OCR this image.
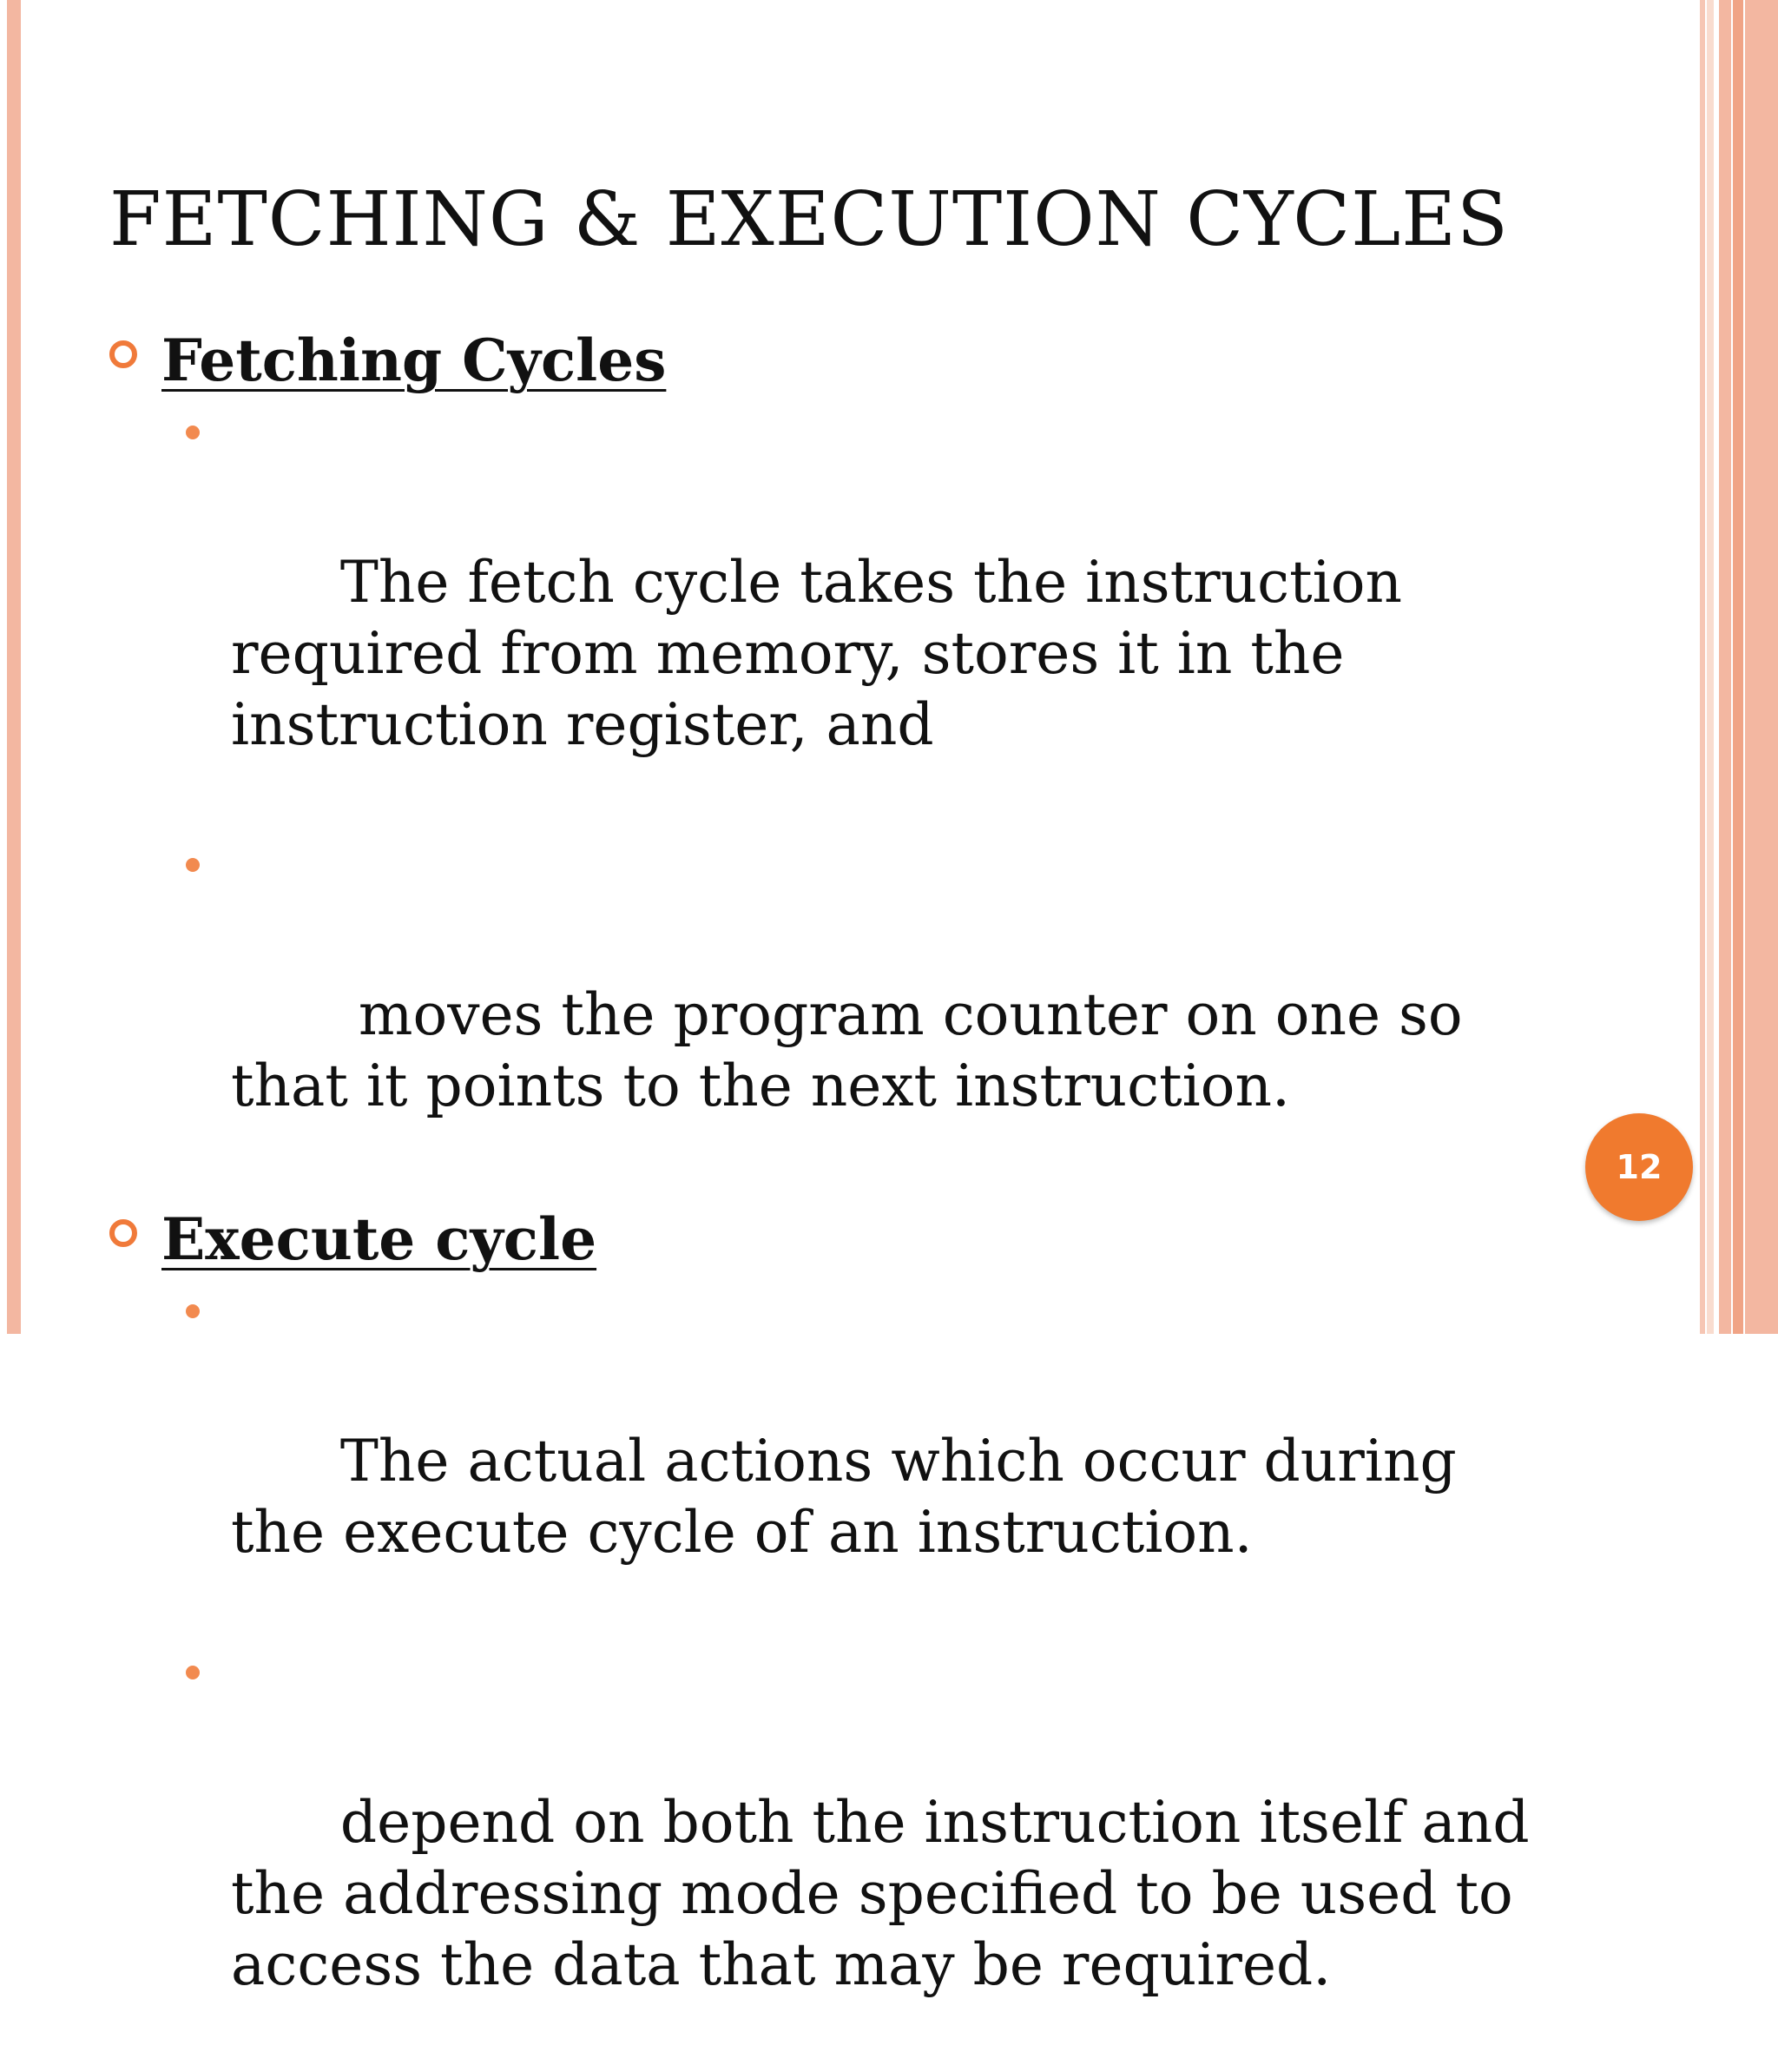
FETCHING & EXECUTION CYCLES
Fetching Cycles

The fetch cycle takes the instruction required from memory, stores it in the instruction register, and

moves the program counter on one so that it points to the next instruction.

Execute cycle

The actual actions which occur during the execute cycle of an instruction.

depend on both the instruction itself and the addressing mode specified to be used to access the data that may be required.

12
